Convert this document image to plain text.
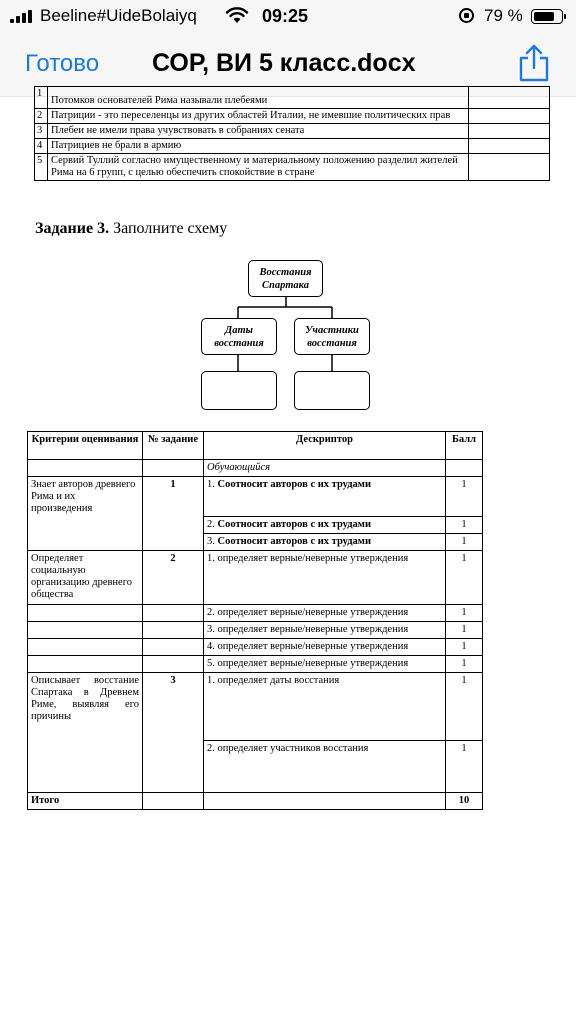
Beeline#UideBolaiyq	09:25	79 %
Готово СОР, ВИ 5 класс.docx
1	Потомков основателей Рима называли плебеями	
2	Патриции - это переселенцы из других областей Италии, не имевшие политических прав	
3	Плебеи не имели права учувствовать в собраниях сената	
4	Патрициев не брали в армию	
5	Сервий Туллий согласно имущественному и материальному положению разделил жителей Рима на 6 групп, с целью обеспечить спокойствие в стране	
Задание 3. Заполните схему
Восстания Спартака
Даты восстания
Участники восстания
Критерии оценивания	№ задание	Дескриптор	Балл
		Обучающийся	
Знает авторов древнего Рима и их произведения	1	1. Соотносит авторов с их трудами	1
		2. Соотносит авторов с их трудами	1
		3. Соотносит авторов с их трудами	1
Определяет социальную организацию древнего общества	2	1. определяет верные/неверные утверждения	1
		2. определяет верные/неверные утверждения	1
		3. определяет верные/неверные утверждения	1
		4. определяет верные/неверные утверждения	1
		5. определяет верные/неверные утверждения	1
Описывает восстание Спартака в Древнем Риме, выявляя его причины	3	1. определяет даты восстания	1
		2. определяет участников восстания	1
Итого			10
